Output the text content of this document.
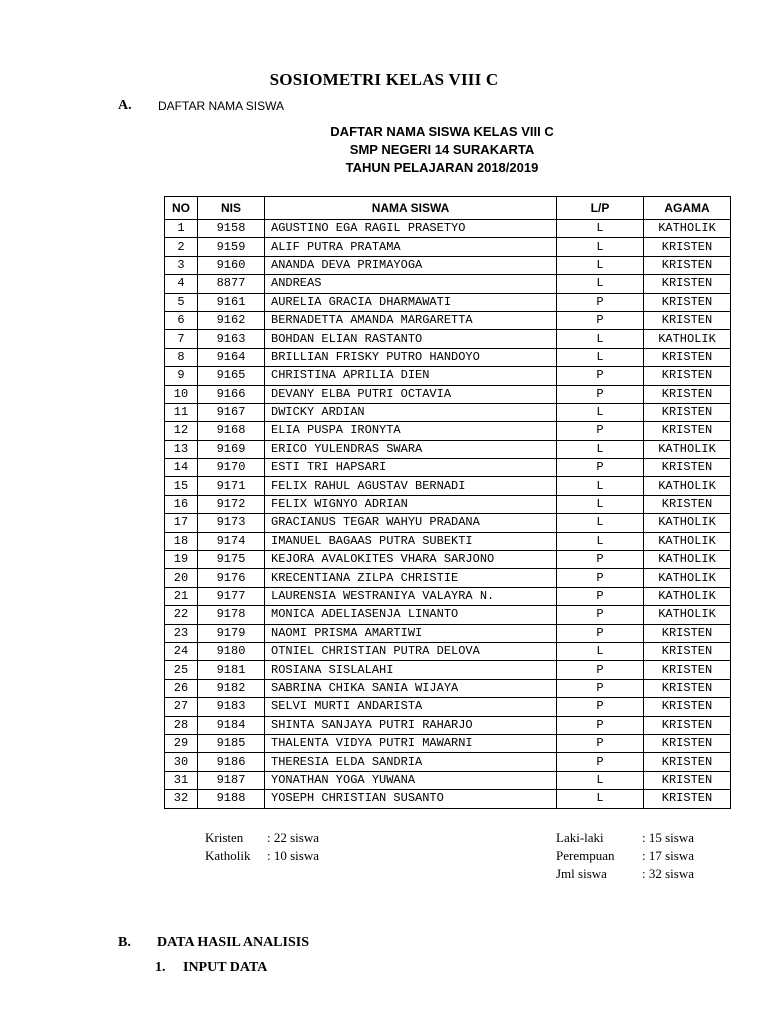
SOSIOMETRI KELAS VIII C
A. DAFTAR NAMA SISWA
DAFTAR NAMA SISWA KELAS VIII C
SMP NEGERI 14 SURAKARTA
TAHUN PELAJARAN 2018/2019
NO	NIS	NAMA SISWA	L/P	AGAMA
1	9158	AGUSTINO EGA RAGIL PRASETYO	L	KATHOLIK
2	9159	ALIF PUTRA PRATAMA	L	KRISTEN
3	9160	ANANDA DEVA PRIMAYOGA	L	KRISTEN
4	8877	ANDREAS	L	KRISTEN
5	9161	AURELIA GRACIA DHARMAWATI	P	KRISTEN
6	9162	BERNADETTA AMANDA MARGARETTA	P	KRISTEN
7	9163	BOHDAN ELIAN RASTANTO	L	KATHOLIK
8	9164	BRILLIAN FRISKY PUTRO HANDOYO	L	KRISTEN
9	9165	CHRISTINA APRILIA DIEN	P	KRISTEN
10	9166	DEVANY ELBA PUTRI OCTAVIA	P	KRISTEN
11	9167	DWICKY ARDIAN	L	KRISTEN
12	9168	ELIA PUSPA IRONYTA	P	KRISTEN
13	9169	ERICO YULENDRAS SWARA	L	KATHOLIK
14	9170	ESTI TRI HAPSARI	P	KRISTEN
15	9171	FELIX RAHUL AGUSTAV BERNADI	L	KATHOLIK
16	9172	FELIX WIGNYO ADRIAN	L	KRISTEN
17	9173	GRACIANUS TEGAR WAHYU PRADANA	L	KATHOLIK
18	9174	IMANUEL BAGAAS PUTRA SUBEKTI	L	KATHOLIK
19	9175	KEJORA AVALOKITES VHARA SARJONO	P	KATHOLIK
20	9176	KRECENTIANA ZILPA CHRISTIE	P	KATHOLIK
21	9177	LAURENSIA WESTRANIYA VALAYRA N.	P	KATHOLIK
22	9178	MONICA ADELIASENJA LINANTO	P	KATHOLIK
23	9179	NAOMI PRISMA AMARTIWI	P	KRISTEN
24	9180	OTNIEL CHRISTIAN PUTRA DELOVA	L	KRISTEN
25	9181	ROSIANA SISLALAHI	P	KRISTEN
26	9182	SABRINA CHIKA SANIA WIJAYA	P	KRISTEN
27	9183	SELVI MURTI ANDARISTA	P	KRISTEN
28	9184	SHINTA SANJAYA PUTRI RAHARJO	P	KRISTEN
29	9185	THALENTA VIDYA PUTRI MAWARNI	P	KRISTEN
30	9186	THERESIA ELDA SANDRIA	P	KRISTEN
31	9187	YONATHAN YOGA YUWANA	L	KRISTEN
32	9188	YOSEPH CHRISTIAN SUSANTO	L	KRISTEN
Kristen : 22 siswa
Katholik : 10 siswa
Laki-laki	: 15 siswa
Perempuan : 17 siswa
Jml siswa	: 32 siswa
B. DATA HASIL ANALISIS
1. INPUT DATA
